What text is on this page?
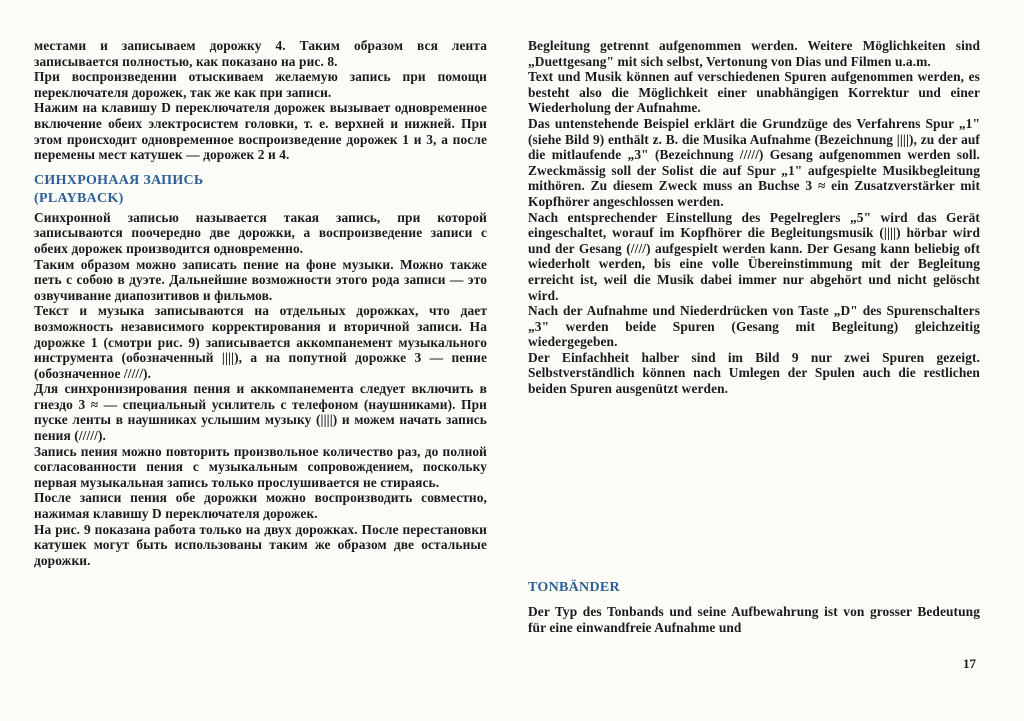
местами и записываем дорожку 4. Таким образом вся лента записывается полностью, как показано на рис. 8.

При воспроизведении отыскиваем желаемую запись при помощи переключателя дорожек, так же как при записи.

Нажим на клавишу D переключателя дорожек вызывает одновременное включение обеих электросистем головки, т. е. верхней и нижней. При этом происходит одновременное воспроизведение дорожек 1 и 3, а после перемены мест катушек — дорожек 2 и 4.

СИНХРОНААЯ ЗАПИСЬ
(PLAYBACK)

Синхронной записью называется такая запись, при которой записываются поочередно две дорожки, а воспроизведение записи с обеих дорожек производится одновременно.

Таким образом можно записать пение на фоне музыки. Можно также петь с собою в дуэте. Дальнейшие возможности этого рода записи — это озвучивание диапозитивов и фильмов.

Текст и музыка записываются на отдельных дорожках, что дает возможность независимого корректирования и вторичной записи. На дорожке 1 (смотри рис. 9) записывается аккомпанемент музыкального инструмента (обозначенный ||||), а на попутной дорожке 3 — пение (обозначенное /////).

Для синхронизирования пения и аккомпанемента следует включить в гнездо 3 ≈ — специальный усилитель с телефоном (наушниками). При пуске ленты в наушниках услышим музыку (||||) и можем начать запись пения (/////).

Запись пения можно повторить произвольное количество раз, до полной согласованности пения с музыкальным сопровождением, поскольку первая музыкальная запись только прослушивается не стираясь.

После записи пения обе дорожки можно воспроизводить совместно, нажимая клавишу D переключателя дорожек.

На рис. 9 показана работа только на двух дорожках. После перестановки катушек могут быть использованы таким же образом две остальные дорожки.

Begleitung getrennt aufgenommen werden. Weitere Möglichkeiten sind „Duettgesang" mit sich selbst, Vertonung von Dias und Filmen u.a.m.

Text und Musik können auf verschiedenen Spuren aufgenommen werden, es besteht also die Möglichkeit einer unabhängigen Korrektur und einer Wiederholung der Aufnahme.

Das untenstehende Beispiel erklärt die Grundzüge des Verfahrens Spur „1" (siehe Bild 9) enthält z. B. die Musika Aufnahme (Bezeichnung ||||), zu der auf die mitlaufende „3" (Bezeichnung /////) Gesang aufgenommen werden soll. Zweckmässig soll der Solist die auf Spur „1" aufgespielte Musikbegleitung mithören. Zu diesem Zweck muss an Buchse 3 ≈ ein Zusatzverstärker mit Kopfhörer angeschlossen werden.

Nach entsprechender Einstellung des Pegelreglers „5" wird das Gerät eingeschaltet, worauf im Kopfhörer die Begleitungsmusik (||||) hörbar wird und der Gesang (////) aufgespielt werden kann. Der Gesang kann beliebig oft wiederholt werden, bis eine volle Übereinstimmung mit der Begleitung erreicht ist, weil die Musik dabei immer nur abgehört und nicht gelöscht wird.

Nach der Aufnahme und Niederdrücken von Taste „D" des Spurenschalters „3" werden beide Spuren (Gesang mit Begleitung) gleichzeitig wiedergegeben.

Der Einfachheit halber sind im Bild 9 nur zwei Spuren gezeigt. Selbstverständlich können nach Umlegen der Spulen auch die restlichen beiden Spuren ausgenützt werden.

TONBÄNDER

Der Typ des Tonbands und seine Aufbewahrung ist von grosser Bedeutung für eine einwandfreie Aufnahme und

17
